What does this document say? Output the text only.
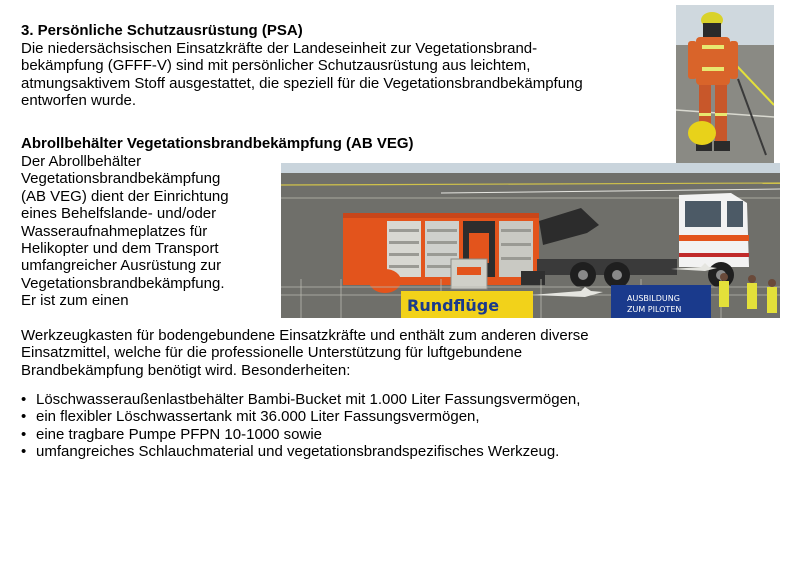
3. Persönliche Schutzausrüstung (PSA)
Die niedersächsischen Einsatzkräfte der Landeseinheit zur Vegetationsbrand-
bekämpfung (GFFF-V) sind mit persönlicher Schutzausrüstung aus leichtem,
atmungsaktivem Stoff ausgestattet, die speziell für die Vegetationsbrandbekämpfung
entworfen wurde.
Abrollbehälter Vegetationsbrandbekämpfung (AB VEG)
Der Abrollbehälter
Vegetationsbrandbekämpfung
(AB VEG) dient der Einrichtung
eines Behelfslande- und/oder
Wasseraufnahmeplatzes für
Helikopter und dem Transport
umfangreicher Ausrüstung zur
Vegetationsbrandbekämpfung.
Er ist zum einen	Rundflüge	AUSBILDUNG
ZUM PILOTEN
Werkzeugkasten für bodengebundene Einsatzkräfte und enthält zum anderen diverse
Einsatzmittel, welche für die professionelle Unterstützung für luftgebundene
Brandbekämpfung benötigt wird. Besonderheiten:
• Löschwasseraußenlastbehälter Bambi-Bucket mit 1.000 Liter Fassungsvermögen,
• ein flexibler Löschwassertank mit 36.000 Liter Fassungsvermögen,
• eine tragbare Pumpe PFPN 10-1000 sowie
• umfangreiches Schlauchmaterial und vegetationsbrandspezifisches Werkzeug.
